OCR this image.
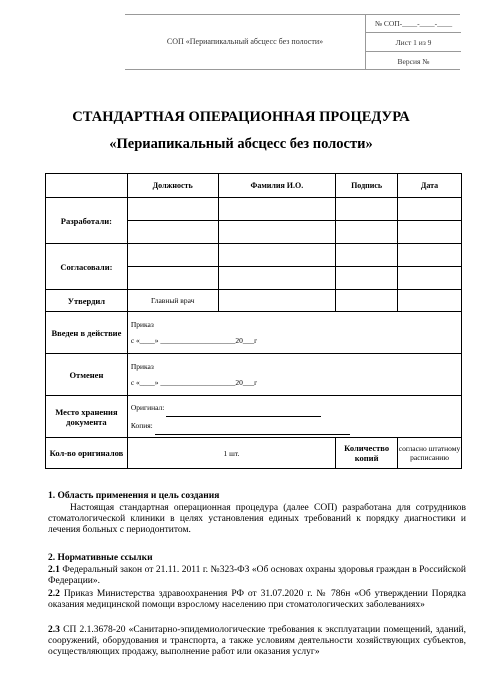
СОП «Периапикальный абсцесс без полости»
№ СОП-____-____-____
Лист 1 из 9
Версия №
СТАНДАРТНАЯ ОПЕРАЦИОННАЯ ПРОЦЕДУРА
«Периапикальный абсцесс без полости»
	Должность	Фамилия И.О.	Подпись	Дата
Разработали:				

Согласовали:				

Утвердил	Главный врач			
Введен в действие	Приказ
с «____» ____________________20___г			

Отменен	Приказ
с «____» ____________________20___г			

Место хранения документа	Оригинал:
Копия:			

Кол-во оригиналов	1 шт.		Количество копий	согласно штатному расписанию
1. Область применения и цель создания
Настоящая стандартная операционная процедура (далее СОП) разработана для сотрудников стоматологической клиники в целях установления единых требований к порядку диагностики и лечения больных с периодонтитом.
2. Нормативные ссылки
2.1 Федеральный закон от 21.11. 2011 г. №323-ФЗ «Об основах охраны здоровья граждан в Российской Федерации».
2.2 Приказ Министерства здравоохранения РФ от 31.07.2020 г. № 786н «Об утверждении Порядка оказания медицинской помощи взрослому населению при стоматологических заболеваниях»
2.3 СП 2.1.3678-20 «Санитарно-эпидемиологические требования к эксплуатации помещений, зданий, сооружений, оборудования и транспорта, а также условиям деятельности хозяйствующих субъектов, осуществляющих продажу, выполнение работ или оказания услуг»
